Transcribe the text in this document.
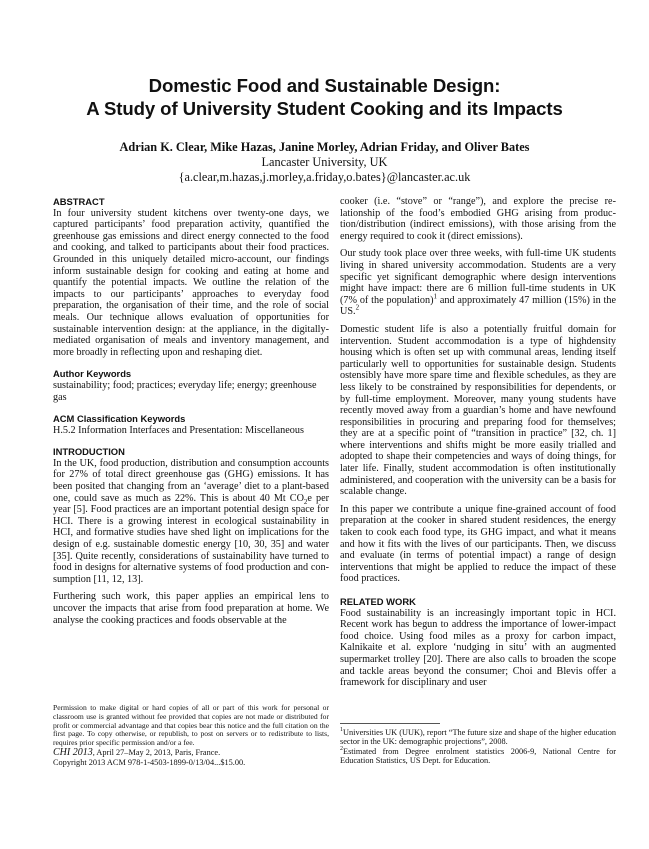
Domestic Food and Sustainable Design:
A Study of University Student Cooking and its Impacts
Adrian K. Clear, Mike Hazas, Janine Morley, Adrian Friday, and Oliver Bates
Lancaster University, UK
{a.clear,m.hazas,j.morley,a.friday,o.bates}@lancaster.ac.uk
ABSTRACT

In four university student kitchens over twenty-one days, we captured participants’ food preparation activity, quantified the greenhouse gas emissions and direct energy connected to the food and cooking, and talked to participants about their food practices. Grounded in this uniquely detailed micro-account, our findings inform sustainable design for cooking and eating at home and quantify the potential impacts. We outline the relation of the impacts to our participants’ approaches to everyday food preparation, the organisation of their time, and the role of social meals. Our technique allows evaluation of opportunities for sustainable intervention design: at the appliance, in the digitally-mediated organisation of meals and inventory management, and more broadly in reflecting upon and reshaping diet.

Author Keywords

sustainability; food; practices; everyday life; energy; greenhouse gas

ACM Classification Keywords

H.5.2 Information Interfaces and Presentation: Miscellaneous

INTRODUCTION

In the UK, food production, distribution and consumption accounts for 27% of total direct greenhouse gas (GHG) emissions. It has been posited that changing from an ‘average’ diet to a plant-based one, could save as much as 22%. This is about 40 Mt $CO_2e$ per year [5]. Food practices are an important potential design space for HCI. There is a growing interest in ecological sustainability in HCI, and formative studies have shed light on implications for the design of e.g. sustainable domestic energy [10, 30, 35] and water [35]. Quite recently, considerations of sustainability have turned to food in designs for alternative systems of food production and consumption [11, 12, 13].

Furthering such work, this paper applies an empirical lens to uncover the impacts that arise from food preparation at home. We analyse the cooking practices and foods observable at the

Permission to make digital or hard copies of all or part of this work for personal or classroom use is granted without fee provided that copies are not made or distributed for profit or commercial advantage and that copies bear this notice and the full citation on the first page. To copy otherwise, or republish, to post on servers or to redistribute to lists, requires prior specific permission and/or a fee.
CHI 2013, April 27–May 2, 2013, Paris, France.
Copyright 2013 ACM 978-1-4503-1899-0/13/04...$15.00.

cooker (i.e. “stove” or “range”), and explore the precise relationship of the food’s embodied GHG arising from production/distribution (indirect emissions), with those arising from the energy required to cook it (direct emissions).

Our study took place over three weeks, with full-time UK students living in shared university accommodation. Students are a very specific yet significant demographic where design interventions might have impact: there are 6 million full-time students in UK (7% of the population)$^1$ and approximately 47 million (15%) in the US.$^2$

Domestic student life is also a potentially fruitful domain for intervention. Student accommodation is a type of highdensity housing which is often set up with communal areas, lending itself particularly well to opportunities for sustainable design. Students ostensibly have more spare time and flexible schedules, as they are less likely to be constrained by responsibilities for dependents, or by full-time employment. Moreover, many young students have recently moved away from a guardian’s home and have newfound responsibilities in procuring and preparing food for themselves; they are at a specific point of “transition in practice” [32, ch. 1] where interventions and shifts might be more easily trialled and adopted to shape their competencies and ways of doing things, for later life. Finally, student accommodation is often institutionally administered, and cooperation with the university can be a basis for scalable change.

In this paper we contribute a unique fine-grained account of food preparation at the cooker in shared student residences, the energy taken to cook each food type, its GHG impact, and what it means and how it fits with the lives of our participants. Then, we discuss and evaluate (in terms of potential impact) a range of design interventions that might be applied to reduce the impact of these food practices.

RELATED WORK

Food sustainability is an increasingly important topic in HCI. Recent work has begun to address the importance of lower-impact food choice. Using food miles as a proxy for carbon impact, Kalnikaite et al. explore ‘nudging in situ’ with an augmented supermarket trolley [20]. There are also calls to broaden the scope and tackle areas beyond the consumer; Choi and Blevis offer a framework for disciplinary and user

$^1$Universities UK (UUK), report “The future size and shape of the higher education sector in the UK: demographic projections”, 2008.
$^2$Estimated from Degree enrolment statistics 2006-9, National Centre for Education Statistics, US Dept. for Education.
